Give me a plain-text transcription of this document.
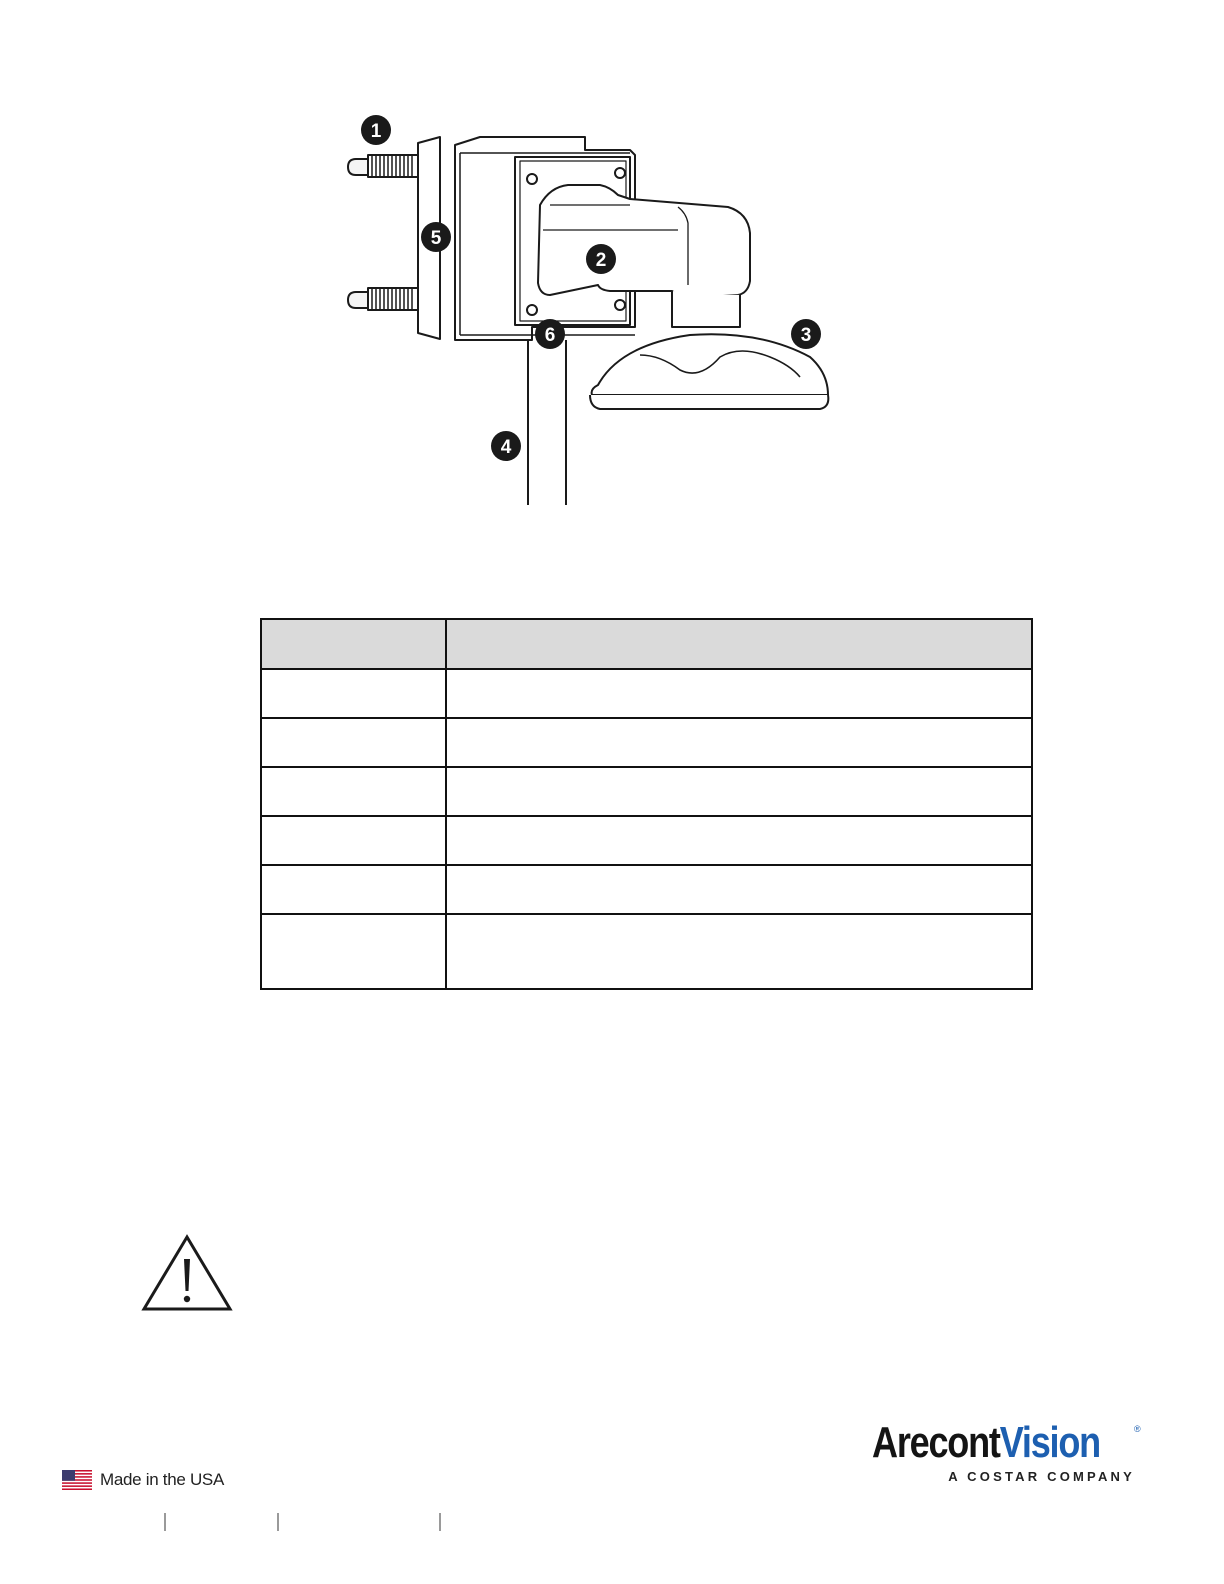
1
2
3
4
5
6

ArecontVision	®
A COSTAR COMPANY
Made in the USA
